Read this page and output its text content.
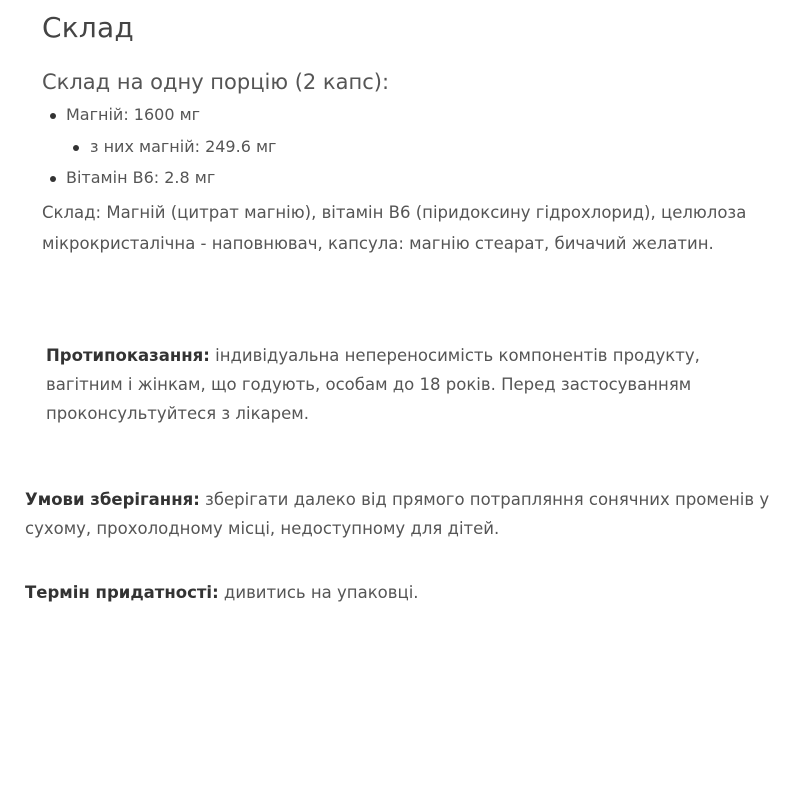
Склад

Склад на одну порцію (2 капс):

Магній: 1600 мг
з них магній: 249.6 мг
Вітамін В6: 2.8 мг

Склад: Магній (цитрат магнію), вітамін В6 (піридоксину гідрохлорид), целюлоза мікрокристалічна - наповнювач, капсула: магнію стеарат, бичачий желатин.

Протипоказання: індивідуальна непереносимість компонентів продукту, вагітним і жінкам, що годують, особам до 18 років. Перед застосуванням проконсультуйтеся з лікарем.

Умови зберігання: зберігати далеко від прямого потрапляння сонячних променів у сухому, прохолодному місці, недоступному для дітей.

Термін придатності: дивитись на упаковці.
